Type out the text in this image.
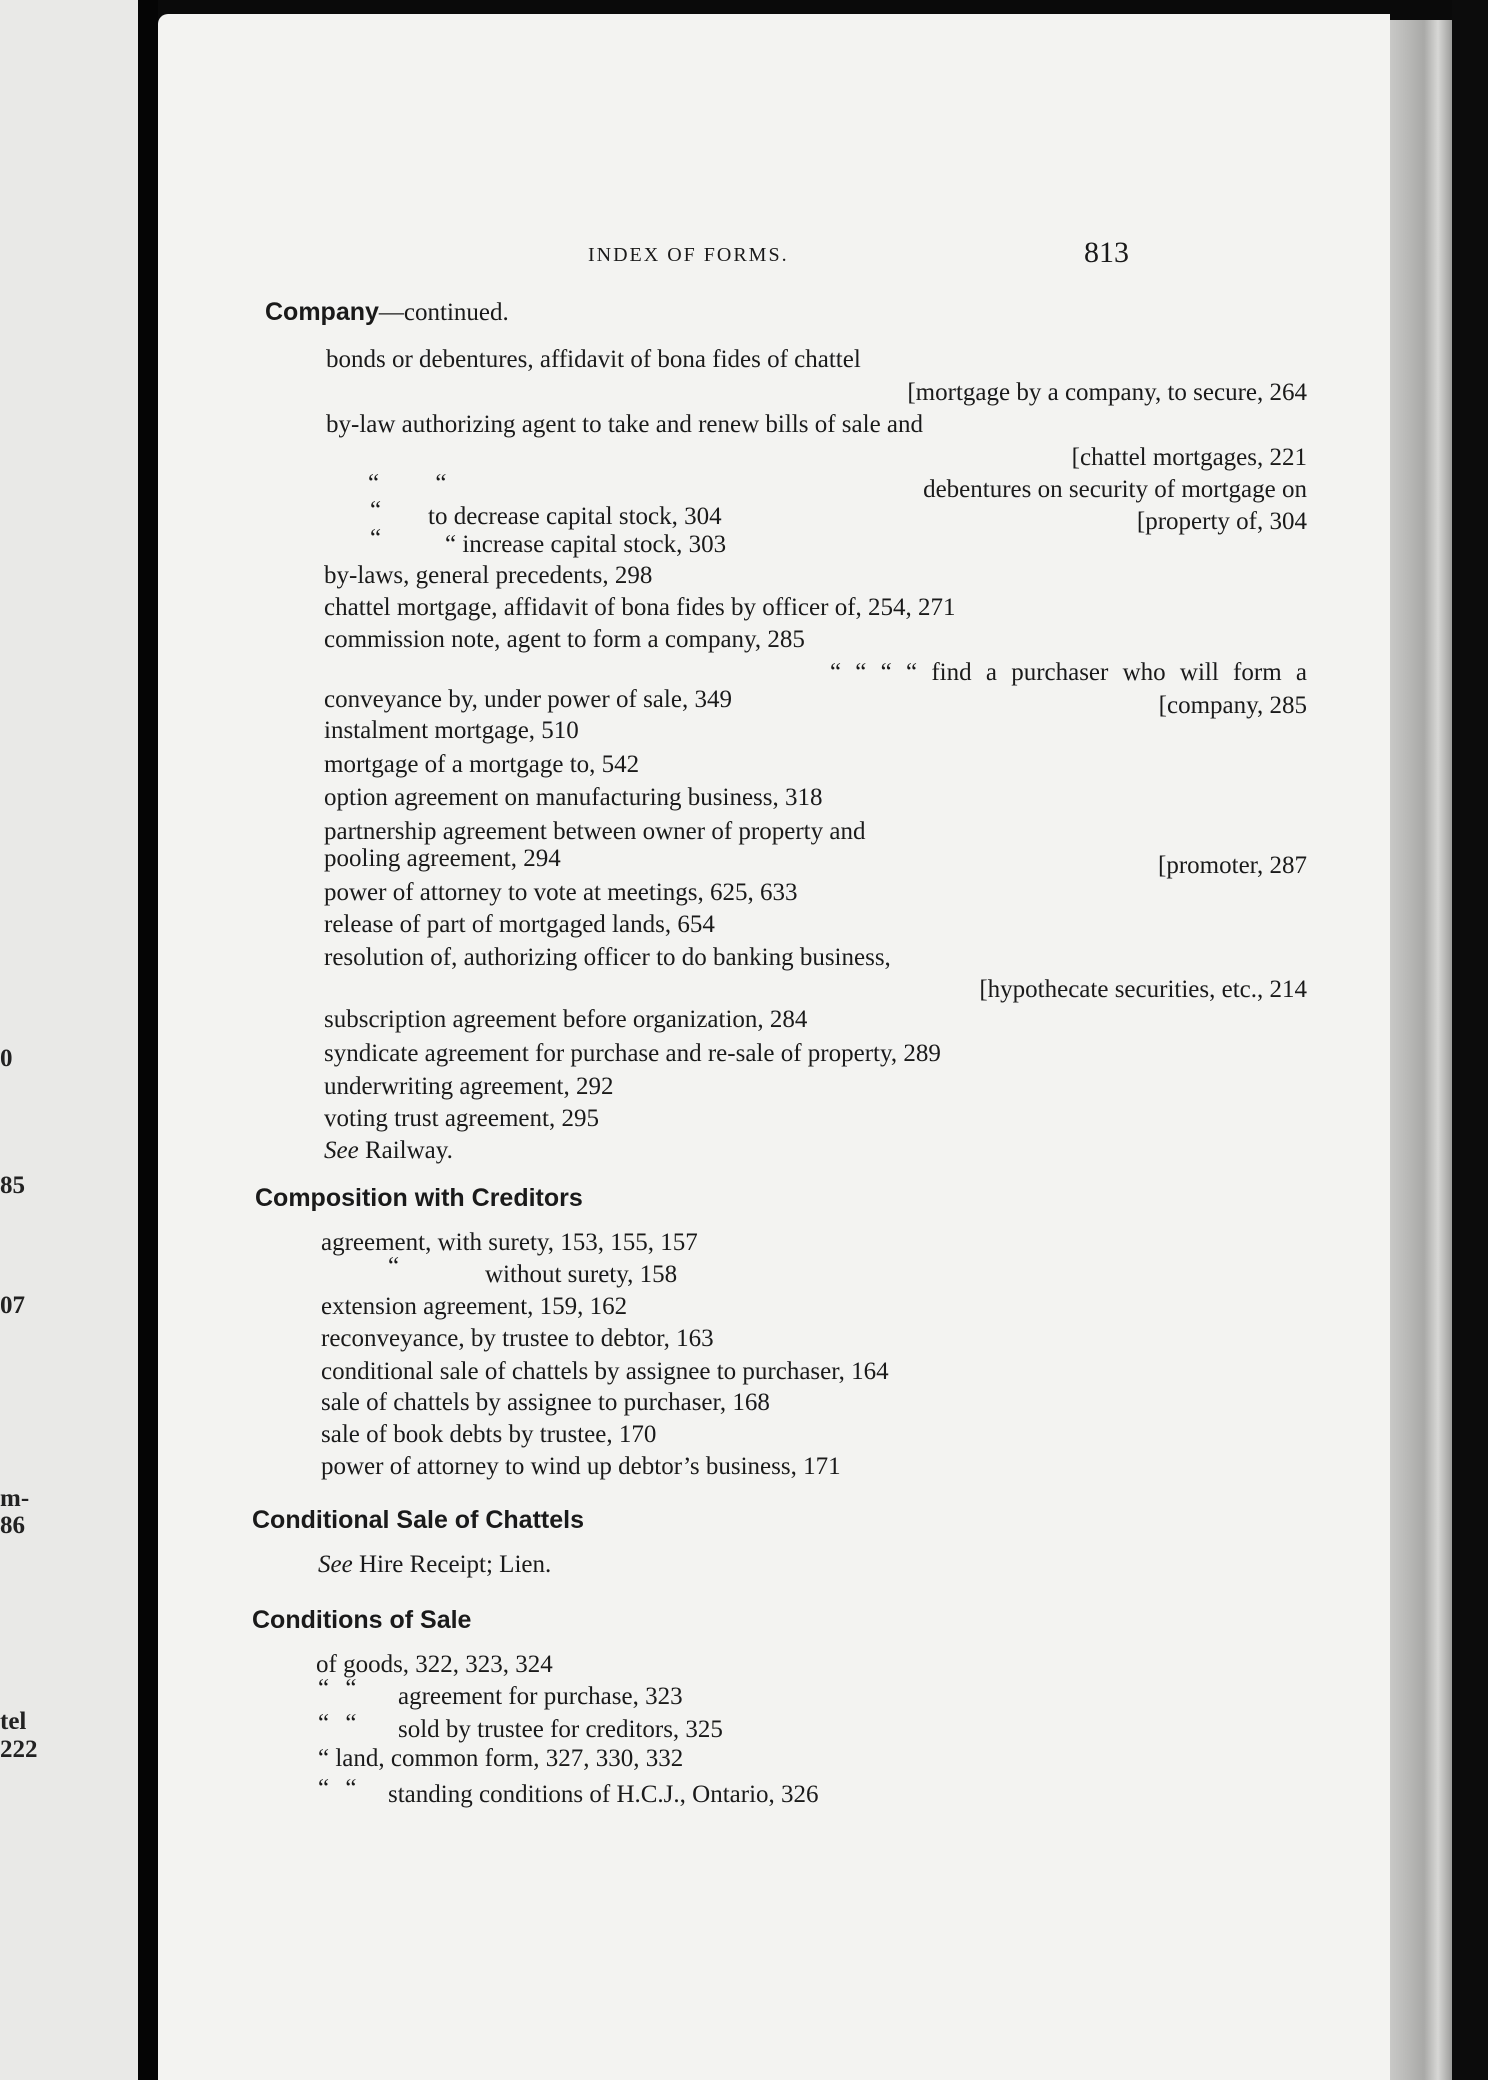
0
85
07
m-
86
tel
222
INDEX OF FORMS.	813
Company—continued.
bonds or debentures, affidavit of bona fides of chattel
[mortgage by a company, to secure, 264
by-law authorizing agent to take and renew bills of sale and
[chattel mortgages, 221
“ “	debentures on security of mortgage on
“ to decrease capital stock, 304	[property of, 304
“	“ increase capital stock, 303
by-laws, general precedents, 298
chattel mortgage, affidavit of bona fides by officer of, 254, 271
commission note, agent to form a company, 285
“ “ “ “ find a purchaser who will form a
conveyance by, under power of sale, 349	[company, 285
instalment mortgage, 510
mortgage of a mortgage to, 542
option agreement on manufacturing business, 318
partnership agreement between owner of property and
pooling agreement, 294	[promoter, 287
power of attorney to vote at meetings, 625, 633
release of part of mortgaged lands, 654
resolution of, authorizing officer to do banking business,
[hypothecate securities, etc., 214
subscription agreement before organization, 284
syndicate agreement for purchase and re-sale of property, 289
underwriting agreement, 292
voting trust agreement, 295
See Railway.
Composition with Creditors
agreement, with surety, 153, 155, 157
“	without surety, 158
extension agreement, 159, 162
reconveyance, by trustee to debtor, 163
conditional sale of chattels by assignee to purchaser, 164
sale of chattels by assignee to purchaser, 168
sale of book debts by trustee, 170
power of attorney to wind up debtor’s business, 171
Conditional Sale of Chattels
See Hire Receipt; Lien.
Conditions of Sale
of goods, 322, 323, 324
“ “ agreement for purchase, 323
“ “ sold by trustee for creditors, 325
“ land, common form, 327, 330, 332
“ “ standing conditions of H.C.J., Ontario, 326
